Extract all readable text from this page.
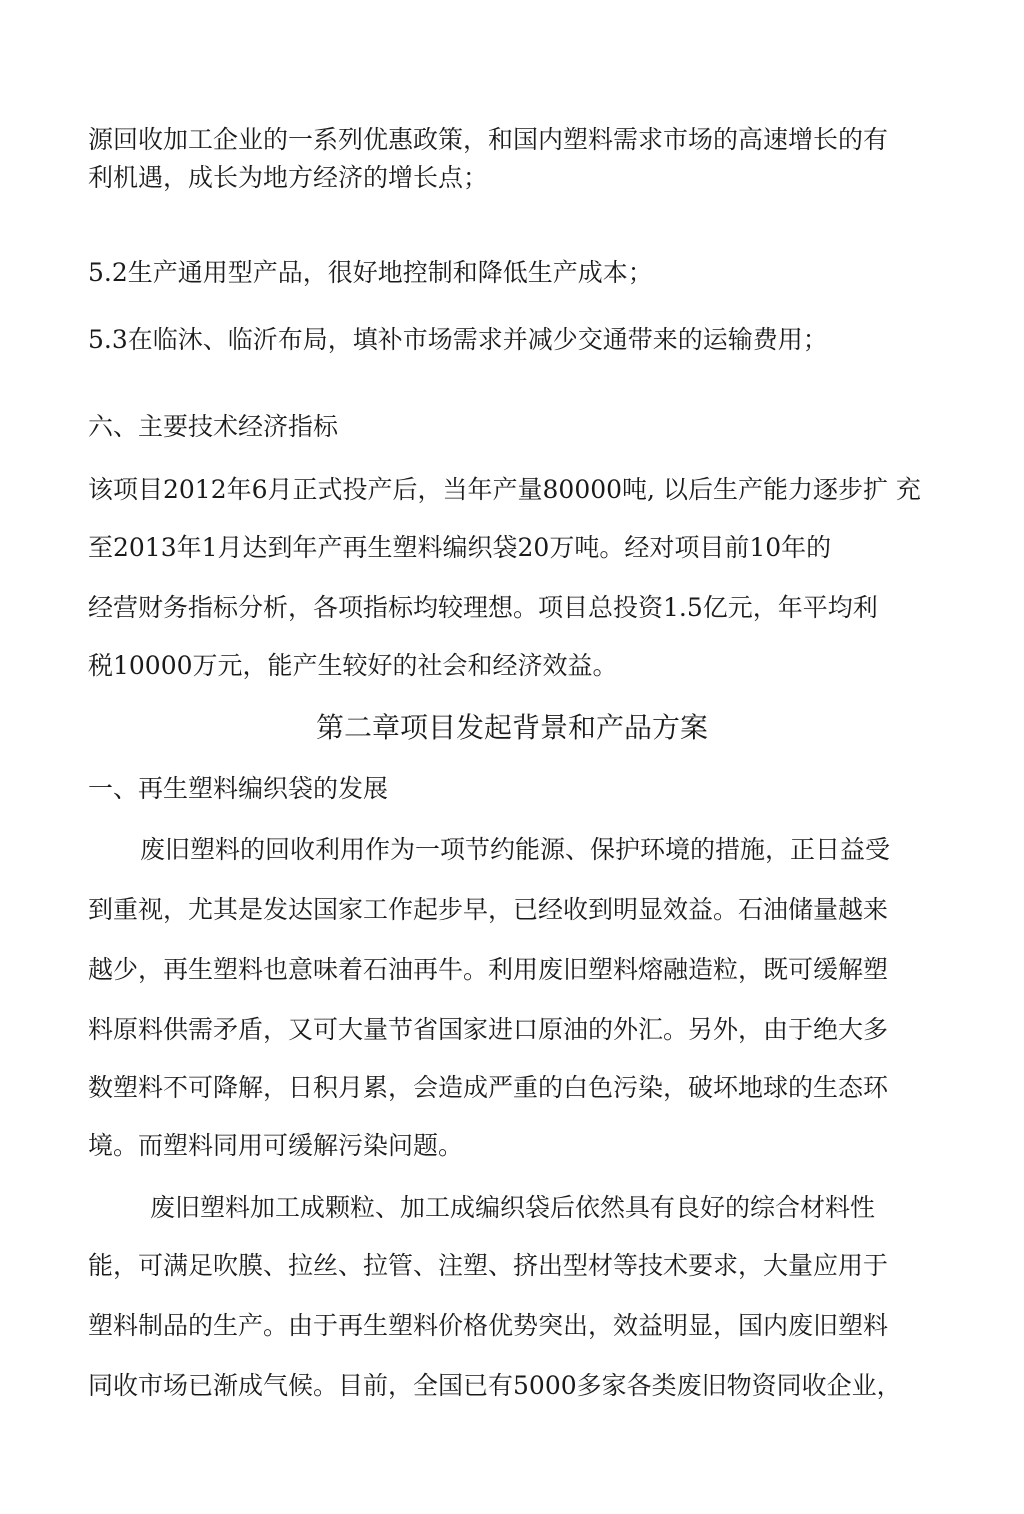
源回收加工企业的一系列优惠政策，和国内塑料需求市场的高速增长的有
利机遇，成长为地方经济的增长点；
5.2生产通用型产品，很好地控制和降低生产成本；
5.3在临沐、临沂布局，填补市场需求并减少交通带来的运输费用；
六、主要技术经济指标
该项目2012年6月正式投产后，当年产量80000吨, 以后生产能力逐步扩 充
至2013年1月达到年产再生塑料编织袋20万吨。经对项目前10年的
经营财务指标分析，各项指标均较理想。项目总投资1.5亿元，年平均利
税10000万元，能产生较好的社会和经济效益。
第二章项目发起背景和产品方案
一、再生塑料编织袋的发展
废旧塑料的回收利用作为一项节约能源、保护环境的措施，正日益受
到重视，尤其是发达国家工作起步早，已经收到明显效益。石油储量越来
越少，再生塑料也意味着石油再牛。利用废旧塑料熔融造粒，既可缓解塑
料原料供需矛盾，又可大量节省国家进口原油的外汇。另外，由于绝大多
数塑料不可降解，日积月累，会造成严重的白色污染，破坏地球的生态环
境。而塑料同用可缓解污染问题。
废旧塑料加工成颗粒、加工成编织袋后依然具有良好的综合材料性
能，可满足吹膜、拉丝、拉管、注塑、挤出型材等技术要求，大量应用于
塑料制品的生产。由于再生塑料价格优势突出，效益明显，国内废旧塑料
同收市场已渐成气候。目前，全国已有5000多家各类废旧物资同收企业，
